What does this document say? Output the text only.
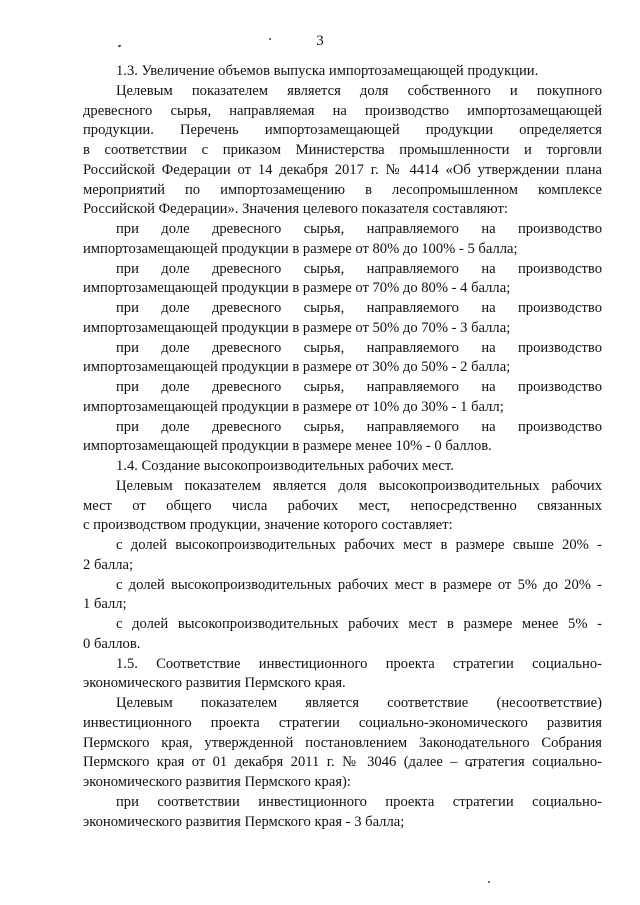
3
1.3. Увеличение объемов выпуска импортозамещающей продукции.
Целевым показателем является доля собственного и покупного
древесного сырья, направляемая на производство импортозамещающей
продукции. Перечень импортозамещающей продукции определяется
в соответствии с приказом Министерства промышленности и торговли
Российской Федерации от 14 декабря 2017 г. № 4414 «Об утверждении плана
мероприятий по импортозамещению в лесопромышленном комплексе
Российской Федерации». Значения целевого показателя составляют:
при доле древесного сырья, направляемого на производство
импортозамещающей продукции в размере от 80% до 100% - 5 балла;
при доле древесного сырья, направляемого на производство
импортозамещающей продукции в размере от 70% до 80% - 4 балла;
при доле древесного сырья, направляемого на производство
импортозамещающей продукции в размере от 50% до 70% - 3 балла;
при доле древесного сырья, направляемого на производство
импортозамещающей продукции в размере от 30% до 50% - 2 балла;
при доле древесного сырья, направляемого на производство
импортозамещающей продукции в размере от 10% до 30% - 1 балл;
при доле древесного сырья, направляемого на производство
импортозамещающей продукции в размере менее 10% - 0 баллов.
1.4. Создание высокопроизводительных рабочих мест.
Целевым показателем является доля высокопроизводительных рабочих
мест от общего числа рабочих мест, непосредственно связанных
с производством продукции, значение которого составляет:
с долей высокопроизводительных рабочих мест в размере свыше 20% -
2 балла;
с долей высокопроизводительных рабочих мест в размере от 5% до 20% -
1 балл;
с долей высокопроизводительных рабочих мест в размере менее 5% -
0 баллов.
1.5. Соответствие инвестиционного проекта стратегии социально-
экономического развития Пермского края.
Целевым показателем является соответствие (несоответствие)
инвестиционного проекта стратегии социально-экономического развития
Пермского края, утвержденной постановлением Законодательного Собрания
Пермского края от 01 декабря 2011 г. № 3046 (далее – стратегия социально-
экономического развития Пермского края):
при соответствии инвестиционного проекта стратегии социально-
экономического развития Пермского края - 3 балла;
